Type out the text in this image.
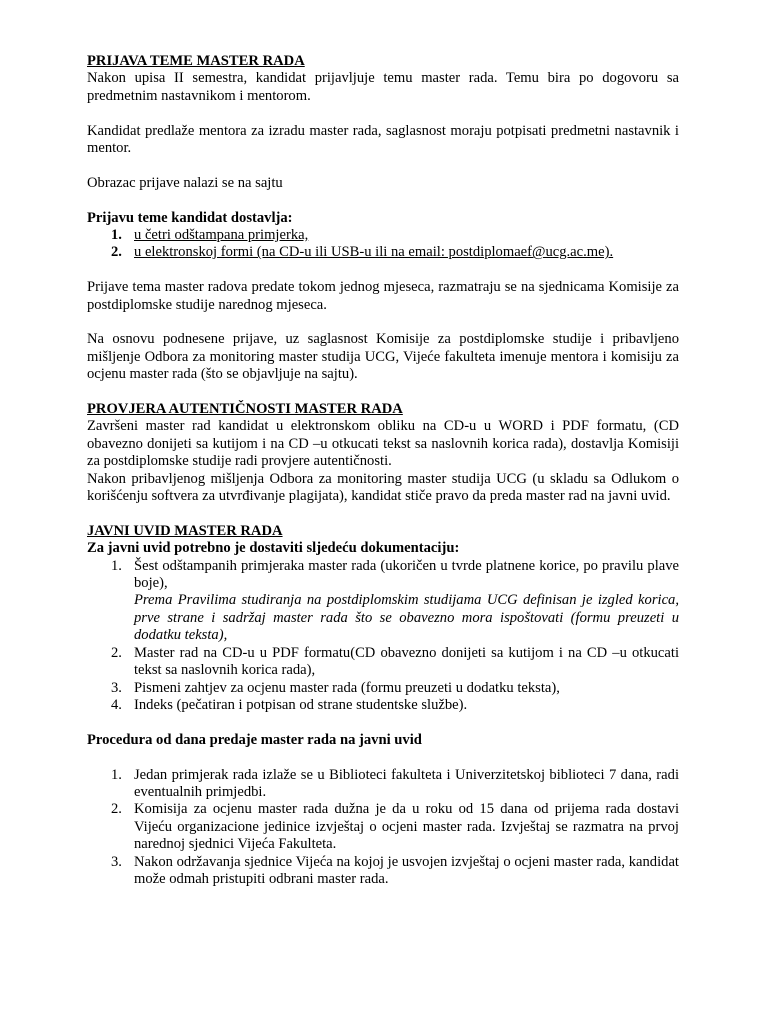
PRIJAVA TEME MASTER RADA

Nakon upisa II semestra, kandidat prijavljuje temu master rada. Temu bira po dogovoru sa predmetnim nastavnikom i mentorom.

Kandidat predlaže mentora za izradu master rada, saglasnost moraju potpisati predmetni nastavnik i mentor.

Obrazac prijave nalazi se na sajtu

Prijavu teme kandidat dostavlja:

1. u četri odštampana primjerka,
2. u elektronskoj formi (na CD-u ili USB-u ili na email: postdiplomaef@ucg.ac.me).

Prijave tema master radova predate tokom jednog mjeseca, razmatraju se na sjednicama Komisije za postdiplomske studije narednog mjeseca.

Na osnovu podnesene prijave, uz saglasnost Komisije za postdiplomske studije i pribavljeno mišljenje Odbora za monitoring master studija UCG, Vijeće fakulteta imenuje mentora i komisiju za ocjenu master rada (što se objavljuje na sajtu).

PROVJERA AUTENTIČNOSTI MASTER RADA

Završeni master rad kandidat u elektronskom obliku na CD-u u WORD i PDF formatu, (CD obavezno donijeti sa kutijom i na CD –u otkucati tekst sa naslovnih korica rada), dostavlja Komisiji za postdiplomske studije radi provjere autentičnosti.

Nakon pribavljenog mišljenja Odbora za monitoring master studija UCG (u skladu sa Odlukom o korišćenju softvera za utvrđivanje plagijata), kandidat stiče pravo da preda master rad na javni uvid.

JAVNI UVID MASTER RADA

Za javni uvid potrebno je dostaviti sljedeću dokumentaciju:

1. Šest odštampanih primjeraka master rada (ukoričen u tvrde platnene korice, po pravilu plave boje),
Prema Pravilima studiranja na postdiplomskim studijama UCG definisan je izgled korica, prve strane i sadržaj master rada što se obavezno mora ispoštovati (formu preuzeti u dodatku teksta),
2. Master rad na CD-u u PDF formatu(CD obavezno donijeti sa kutijom i na CD –u otkucati tekst sa naslovnih korica rada),
3. Pismeni zahtjev za ocjenu master rada (formu preuzeti u dodatku teksta),
4. Indeks (pečatiran i potpisan od strane studentske službe).

Procedura od dana predaje master rada na javni uvid

1. Jedan primjerak rada izlaže se u Biblioteci fakulteta i Univerzitetskoj biblioteci 7 dana, radi eventualnih primjedbi.
2. Komisija za ocjenu master rada dužna je da u roku od 15 dana od prijema rada dostavi Vijeću organizacione jedinice izvještaj o ocjeni master rada. Izvještaj se razmatra na prvoj narednoj sjednici Vijeća Fakulteta.
3. Nakon održavanja sjednice Vijeća na kojoj je usvojen izvještaj o ocjeni master rada, kandidat može odmah pristupiti odbrani master rada.
